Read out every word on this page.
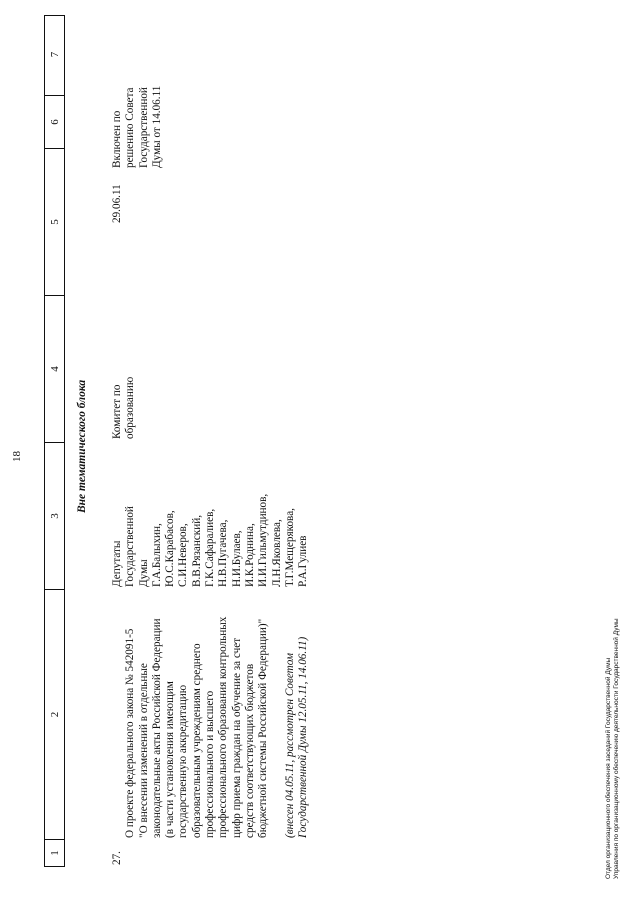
18
1
2
3
4
5
6
7
Вне тематического блока
27.

О проекте федерального закона № 542091-5
"О внесении изменений в отдельные
законодательные акты Российской Федерации
(в части установления имеющим
государственную аккредитацию
образовательным учреждениям среднего
профессионального и высшего
профессионального образования контрольных
цифр приема граждан на обучение за счет
средств соответствующих бюджетов
бюджетной системы Российской Федерации)"

(внесен 04.05.11, рассмотрен Советом
Государственной Думы 12.05.11, 14.06.11)

Депутаты
Государственной
Думы
Г.А.Балыхин,
Ю.С.Карабасов,
С.И.Неверов,
В.В.Рязанский,
Г.К.Сафаралиев,
Н.В.Пугачева,
Н.И.Булаев,
И.К.Роднина,
И.И.Гильмутдинов,
Л.Н.Яковлева,
Т.Г.Мещерякова,
Р.А.Гулиев
Комитет по
образованию
29.06.11
Включен по
решению Совета
Государственной
Думы от 14.06.11
Отдел организационного обеспечения заседаний Государственной Думы
Управления по организационному обеспечению деятельности Государственной Думы
